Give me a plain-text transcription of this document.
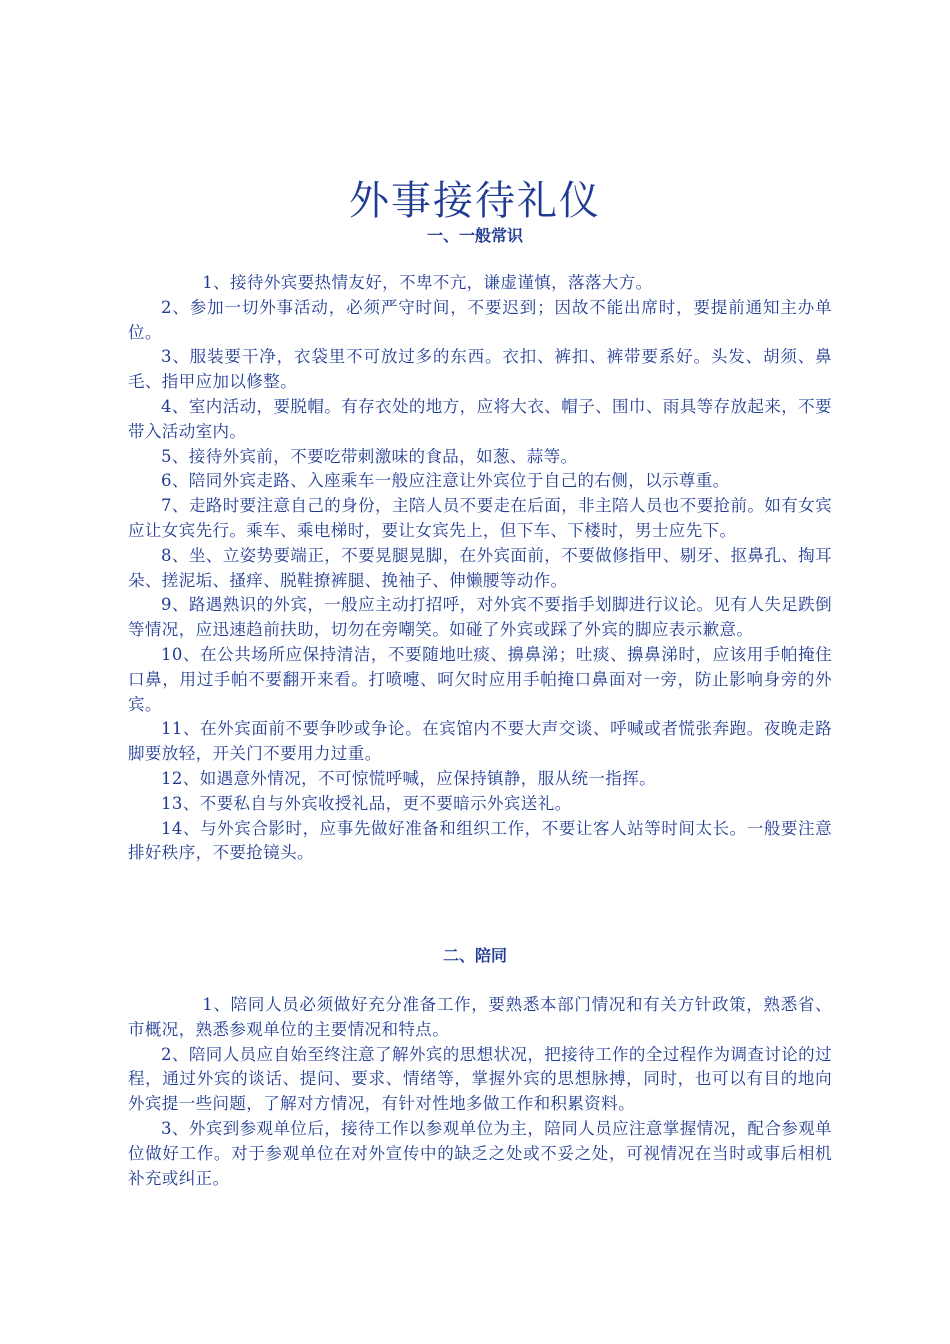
外事接待礼仪
一、一般常识

1、接待外宾要热情友好，不卑不亢，谦虚谨慎，落落大方。

2、参加一切外事活动，必须严守时间，不要迟到；因故不能出席时，要提前通知主办单位。

3、服装要干净，衣袋里不可放过多的东西。衣扣、裤扣、裤带要系好。头发、胡须、鼻毛、指甲应加以修整。

4、室内活动，要脱帽。有存衣处的地方，应将大衣、帽子、围巾、雨具等存放起来，不要带入活动室内。

5、接待外宾前，不要吃带刺激味的食品，如葱、蒜等。

6、陪同外宾走路、入座乘车一般应注意让外宾位于自己的右侧，以示尊重。

7、走路时要注意自己的身份，主陪人员不要走在后面，非主陪人员也不要抢前。如有女宾应让女宾先行。乘车、乘电梯时，要让女宾先上，但下车、下楼时，男士应先下。

8、坐、立姿势要端正，不要晃腿晃脚，在外宾面前，不要做修指甲、剔牙、抠鼻孔、掏耳朵、搓泥垢、搔痒、脱鞋撩裤腿、挽袖子、伸懒腰等动作。

9、路遇熟识的外宾，一般应主动打招呼，对外宾不要指手划脚进行议论。见有人失足跌倒等情况，应迅速趋前扶助，切勿在旁嘲笑。如碰了外宾或踩了外宾的脚应表示歉意。

10、在公共场所应保持清洁，不要随地吐痰、擤鼻涕；吐痰、擤鼻涕时，应该用手帕掩住口鼻，用过手帕不要翻开来看。打喷嚏、呵欠时应用手帕掩口鼻面对一旁，防止影响身旁的外宾。

11、在外宾面前不要争吵或争论。在宾馆内不要大声交谈、呼喊或者慌张奔跑。夜晚走路脚要放轻，开关门不要用力过重。

12、如遇意外情况，不可惊慌呼喊，应保持镇静，服从统一指挥。

13、不要私自与外宾收授礼品，更不要暗示外宾送礼。

14、与外宾合影时，应事先做好准备和组织工作，不要让客人站等时间太长。一般要注意排好秩序，不要抢镜头。

二、陪同

1、陪同人员必须做好充分准备工作，要熟悉本部门情况和有关方针政策，熟悉省、市概况，熟悉参观单位的主要情况和特点。

2、陪同人员应自始至终注意了解外宾的思想状况，把接待工作的全过程作为调查讨论的过程，通过外宾的谈话、提问、要求、情绪等，掌握外宾的思想脉搏，同时，也可以有目的地向外宾提一些问题，了解对方情况，有针对性地多做工作和积累资料。

3、外宾到参观单位后，接待工作以参观单位为主，陪同人员应注意掌握情况，配合参观单位做好工作。对于参观单位在对外宣传中的缺乏之处或不妥之处，可视情况在当时或事后相机补充或纠正。
